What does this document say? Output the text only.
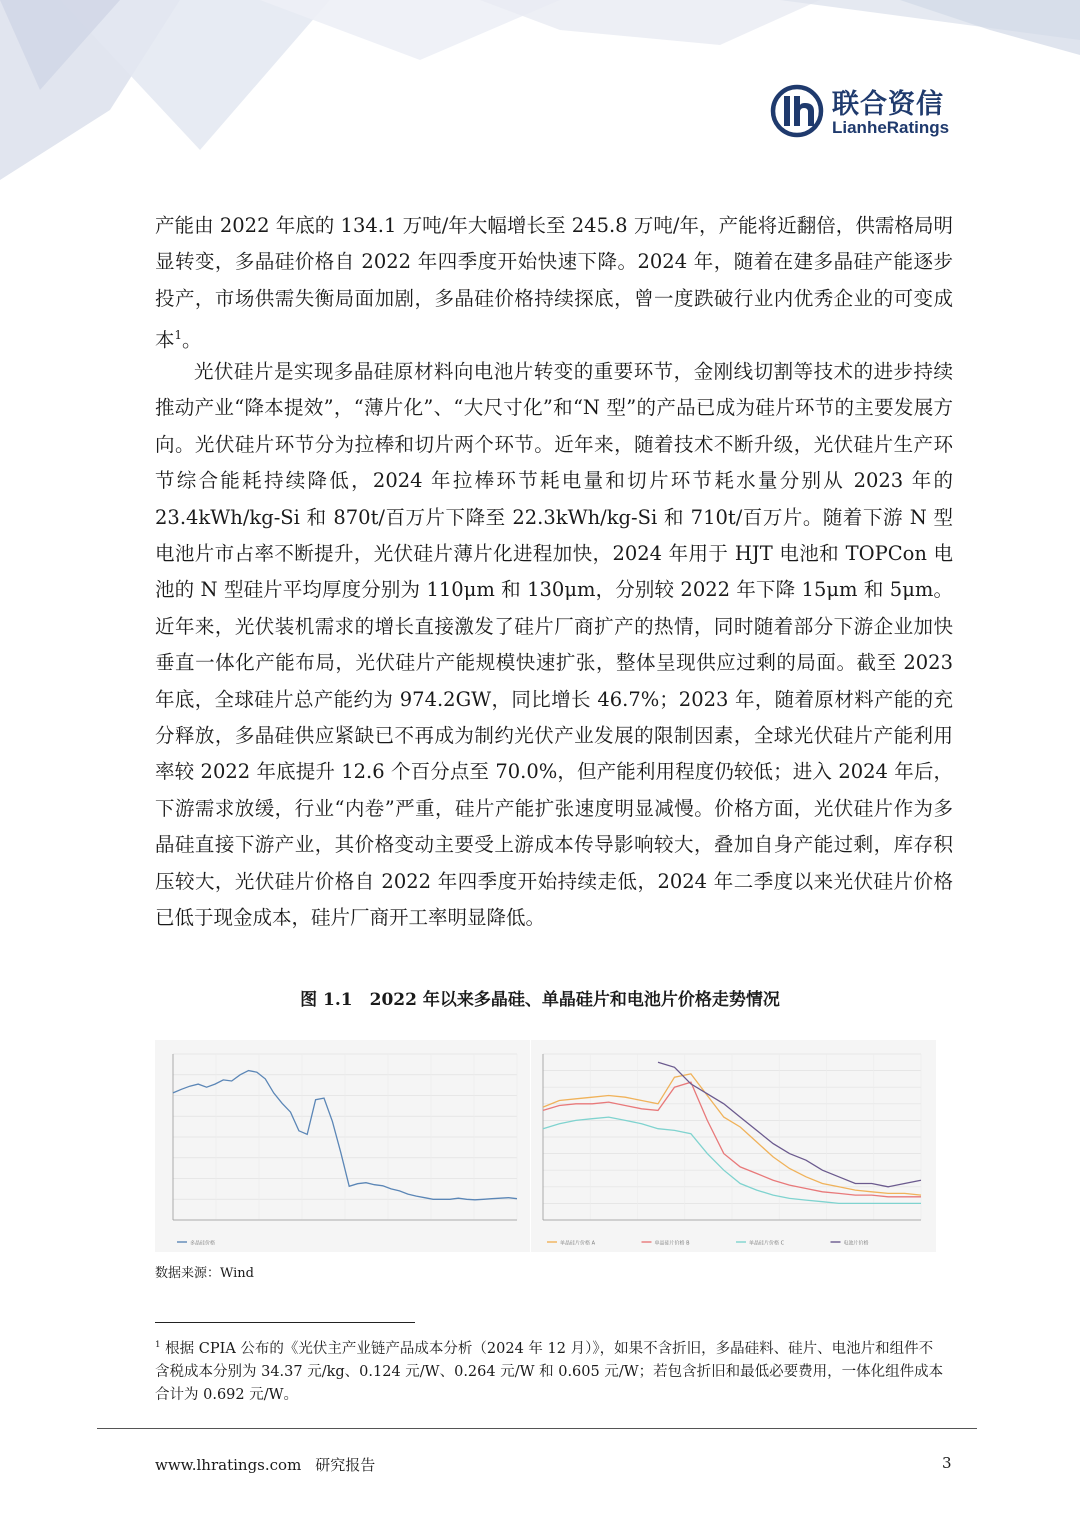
联合资信
LianheRatings
产能由 2022 年底的 134.1 万吨/年大幅增长至 245.8 万吨/年，产能将近翻倍，供需格局明显转变，多晶硅价格自 2022 年四季度开始快速下降。2024 年，随着在建多晶硅产能逐步投产，市场供需失衡局面加剧，多晶硅价格持续探底，曾一度跌破行业内优秀企业的可变成本$^1$。
光伏硅片是实现多晶硅原材料向电池片转变的重要环节，金刚线切割等技术的进步持续推动产业“降本提效”，“薄片化”、“大尺寸化”和“N 型”的产品已成为硅片环节的主要发展方向。光伏硅片环节分为拉棒和切片两个环节。近年来，随着技术不断升级，光伏硅片生产环节综合能耗持续降低，2024 年拉棒环节耗电量和切片环节耗水量分别从 2023 年的 23.4kWh/kg-Si 和 870t/百万片下降至 22.3kWh/kg-Si 和 710t/百万片。随着下游 N 型电池片市占率不断提升，光伏硅片薄片化进程加快，2024 年用于 HJT 电池和 TOPCon 电池的 N 型硅片平均厚度分别为 110μm 和 130μm，分别较 2022 年下降 15μm 和 5μm。近年来，光伏装机需求的增长直接激发了硅片厂商扩产的热情，同时随着部分下游企业加快垂直一体化产能布局，光伏硅片产能规模快速扩张，整体呈现供应过剩的局面。截至 2023 年底，全球硅片总产能约为 974.2GW，同比增长 46.7%；2023 年，随着原材料产能的充分释放，多晶硅供应紧缺已不再成为制约光伏产业发展的限制因素，全球光伏硅片产能利用率较 2022 年底提升 12.6 个百分点至 70.0%，但产能利用程度仍较低；进入 2024 年后，下游需求放缓，行业“内卷”严重，硅片产能扩张速度明显减慢。价格方面，光伏硅片作为多晶硅直接下游产业，其价格变动主要受上游成本传导影响较大，叠加自身产能过剩，库存积压较大，光伏硅片价格自 2022 年四季度开始持续走低，2024 年二季度以来光伏硅片价格已低于现金成本，硅片厂商开工率明显降低。
图 1.1　2022 年以来多晶硅、单晶硅片和电池片价格走势情况
多晶硅价格	单晶硅片价格 A	单晶硅片价格 B	单晶硅片价格 C	电池片价格
数据来源：Wind
$^1$ 根据 CPIA 公布的《光伏主产业链产品成本分析（2024 年 12 月）》，如果不含折旧，多晶硅料、硅片、电池片和组件不含税成本分别为 34.37 元/kg、0.124 元/W、0.264 元/W 和 0.605 元/W；若包含折旧和最低必要费用，一体化组件成本合计为 0.692 元/W。
www.lhratings.com 研究报告	3
